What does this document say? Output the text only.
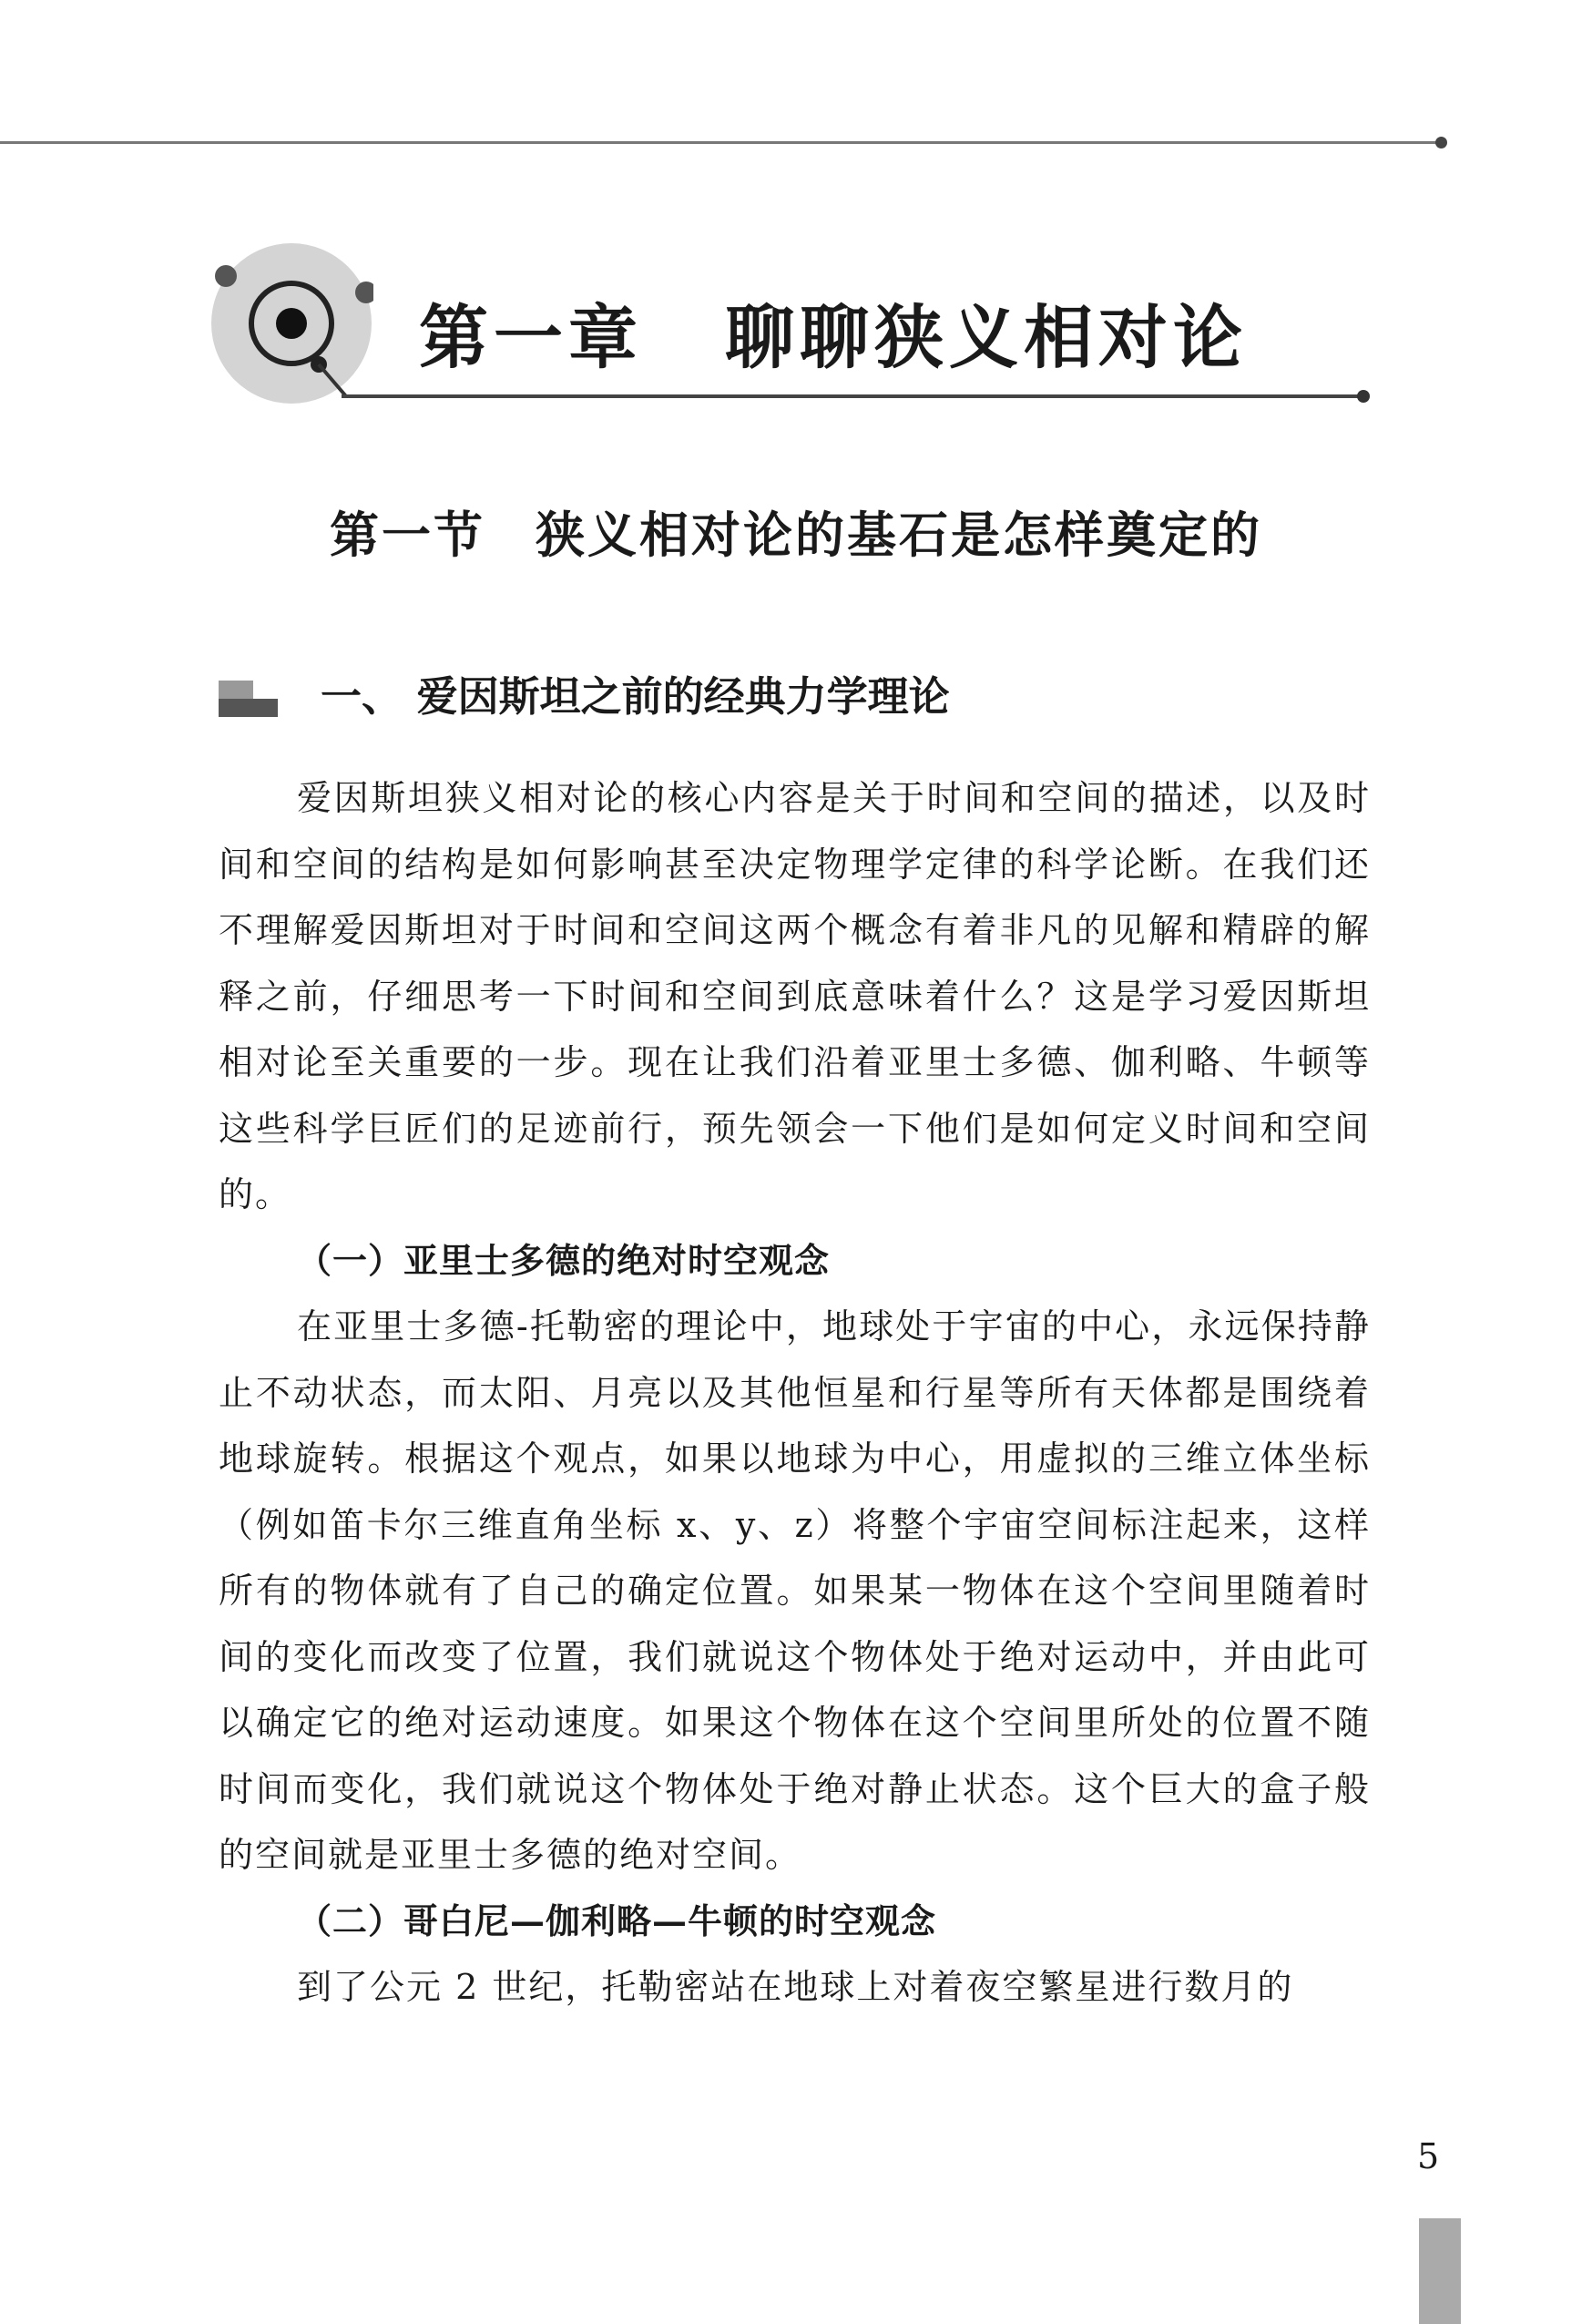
第一章 聊聊狭义相对论
第一节 狭义相对论的基石是怎样奠定的
一、 爱因斯坦之前的经典力学理论

爱因斯坦狭义相对论的核心内容是关于时间和空间的描述，以及时间和空间的结构是如何影响甚至决定物理学定律的科学论断。在我们还不理解爱因斯坦对于时间和空间这两个概念有着非凡的见解和精辟的解释之前，仔细思考一下时间和空间到底意味着什么？这是学习爱因斯坦相对论至关重要的一步。现在让我们沿着亚里士多德、伽利略、牛顿等这些科学巨匠们的足迹前行，预先领会一下他们是如何定义时间和空间的。

（一）亚里士多德的绝对时空观念

在亚里士多德-托勒密的理论中，地球处于宇宙的中心，永远保持静止不动状态，而太阳、月亮以及其他恒星和行星等所有天体都是围绕着地球旋转。根据这个观点，如果以地球为中心，用虚拟的三维立体坐标（例如笛卡尔三维直角坐标 x、y、z）将整个宇宙空间标注起来，这样所有的物体就有了自己的确定位置。如果某一物体在这个空间里随着时间的变化而改变了位置，我们就说这个物体处于绝对运动中，并由此可以确定它的绝对运动速度。如果这个物体在这个空间里所处的位置不随时间而变化，我们就说这个物体处于绝对静止状态。这个巨大的盒子般的空间就是亚里士多德的绝对空间。

（二）哥白尼—伽利略—牛顿的时空观念

到了公元 2 世纪，托勒密站在地球上对着夜空繁星进行数月的

5
